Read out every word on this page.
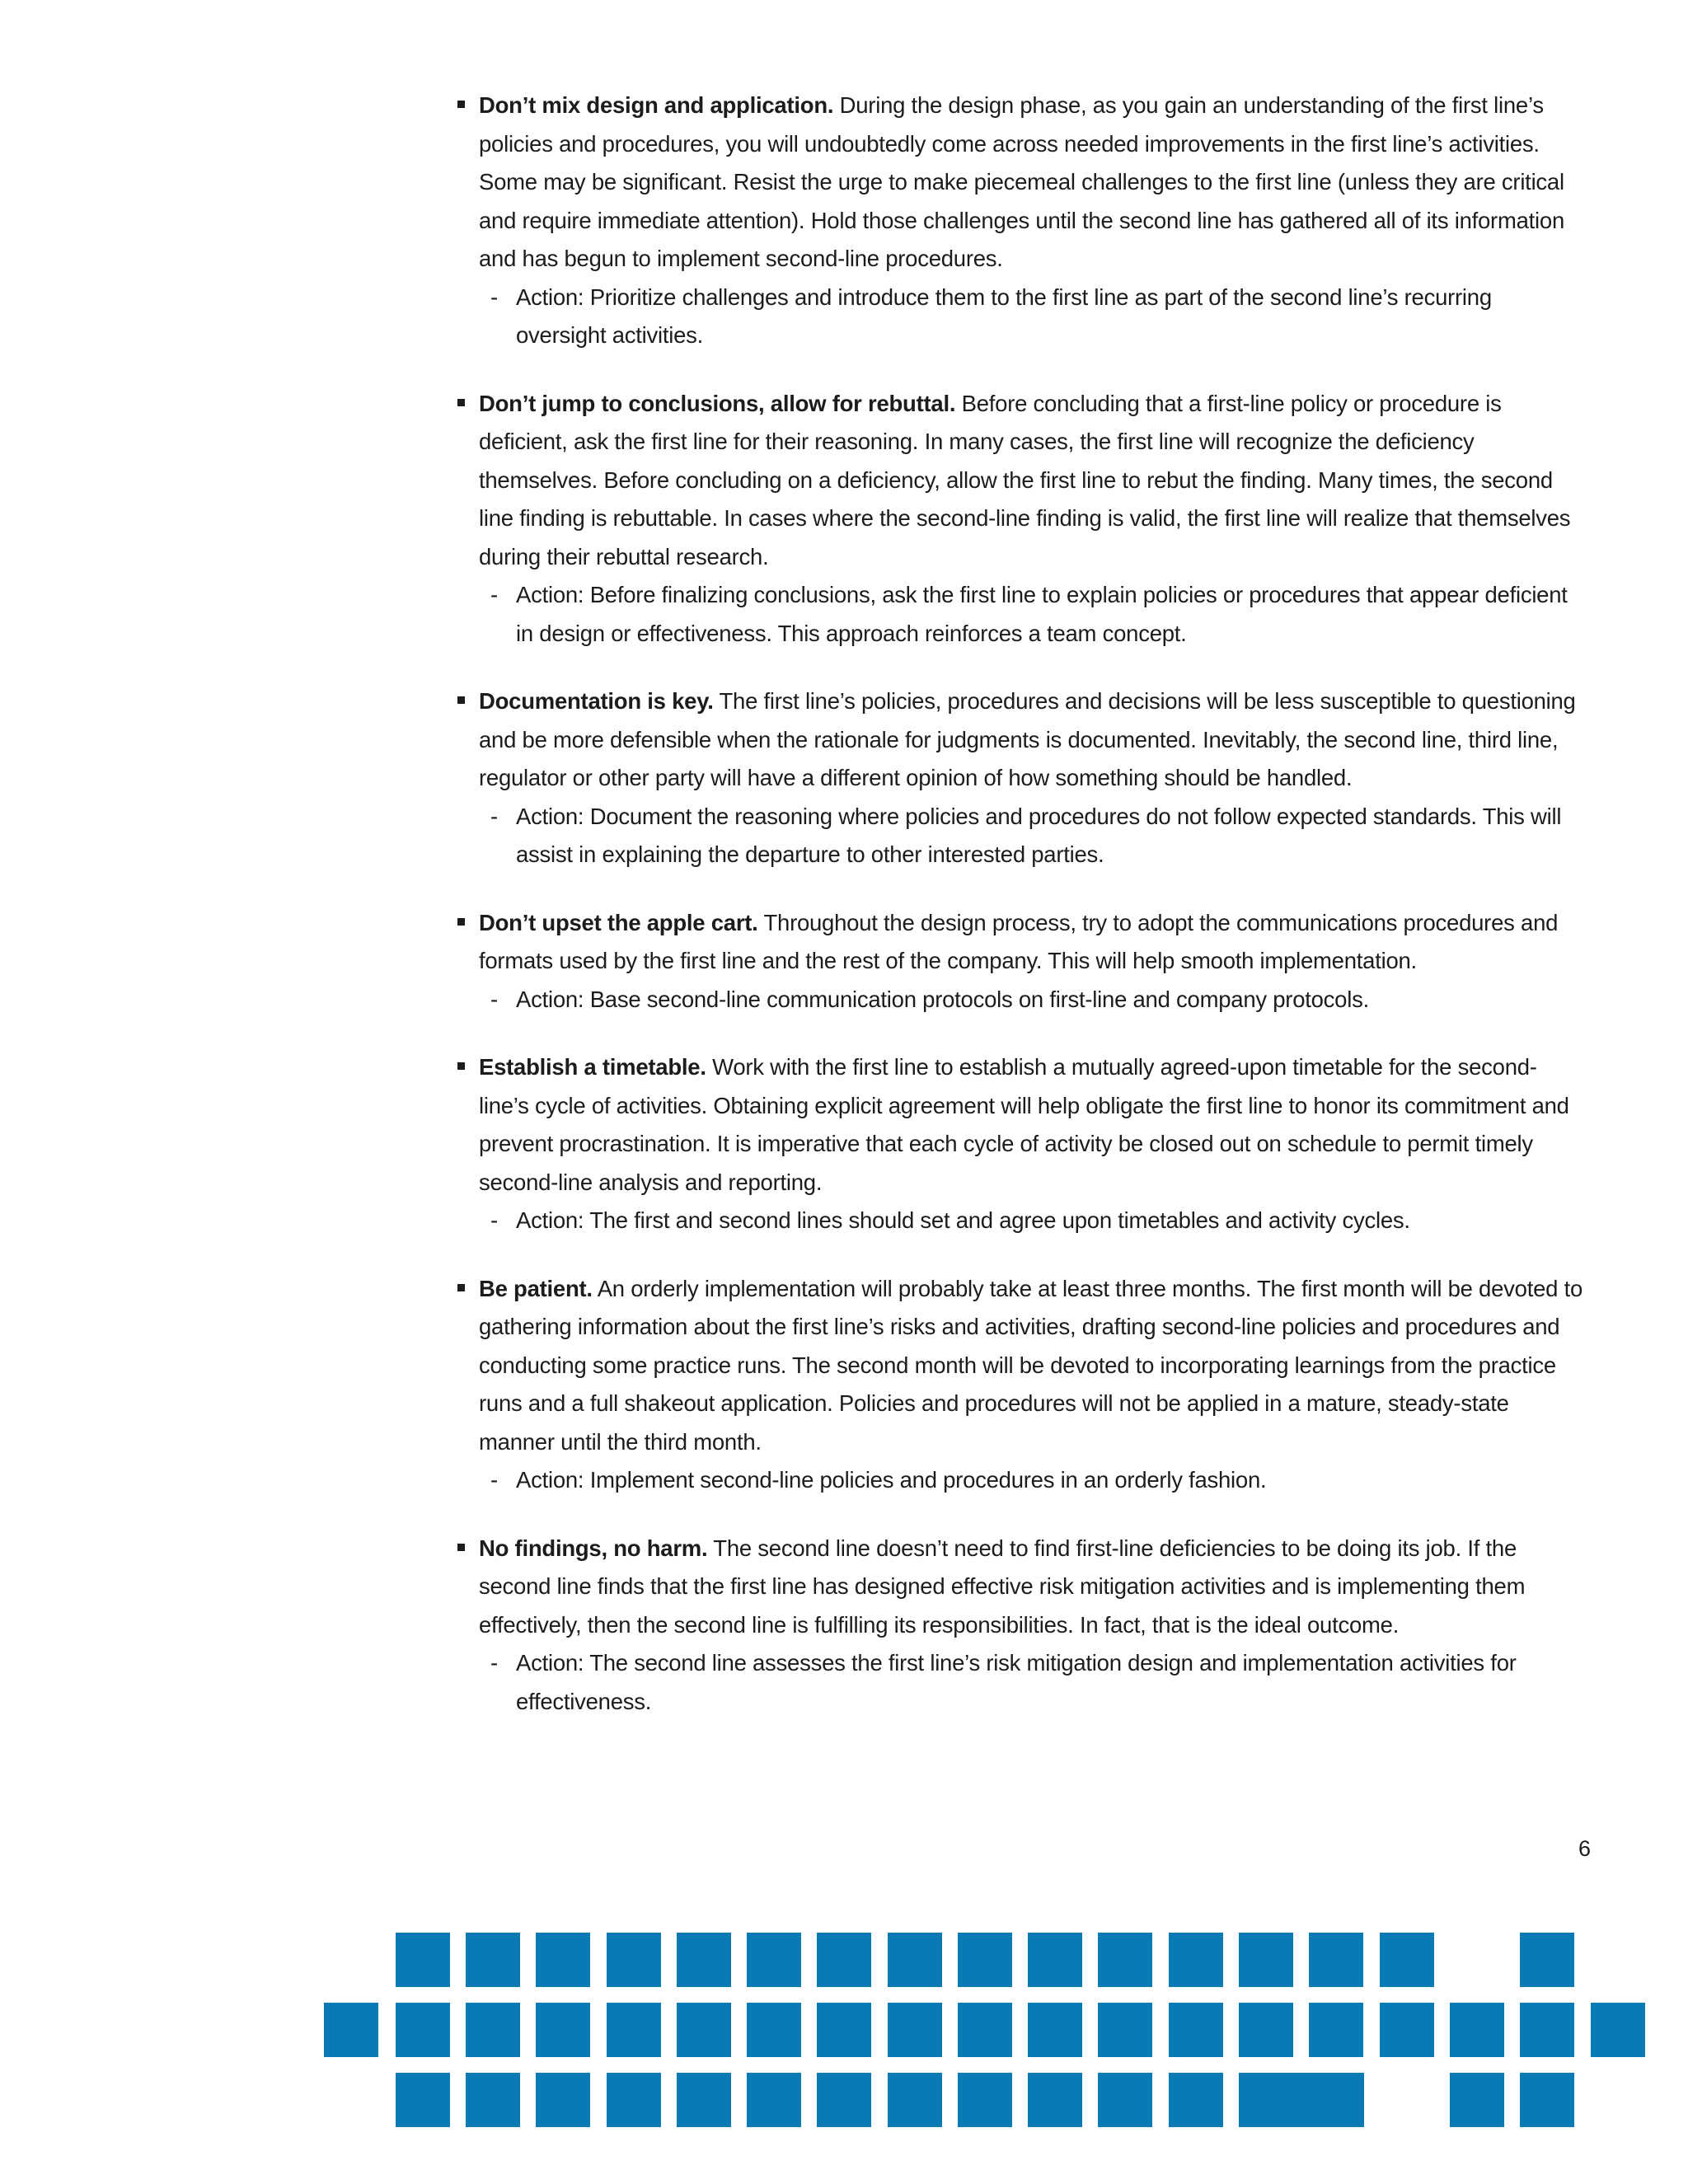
Don’t mix design and application. During the design phase, as you gain an understanding of the first line’s policies and procedures, you will undoubtedly come across needed improvements in the first line’s activities. Some may be significant. Resist the urge to make piecemeal challenges to the first line (unless they are critical and require immediate attention). Hold those challenges until the second line has gathered all of its information and has begun to implement second-line procedures.

- Action: Prioritize challenges and introduce them to the first line as part of the second line’s recurring oversight activities.

Don’t jump to conclusions, allow for rebuttal. Before concluding that a first-line policy or procedure is deficient, ask the first line for their reasoning. In many cases, the first line will recognize the deficiency themselves. Before concluding on a deficiency, allow the first line to rebut the finding. Many times, the second line finding is rebuttable. In cases where the second-line finding is valid, the first line will realize that themselves during their rebuttal research.

- Action: Before finalizing conclusions, ask the first line to explain policies or procedures that appear deficient in design or effectiveness. This approach reinforces a team concept.

Documentation is key. The first line’s policies, procedures and decisions will be less susceptible to questioning and be more defensible when the rationale for judgments is documented. Inevitably, the second line, third line, regulator or other party will have a different opinion of how something should be handled.

- Action: Document the reasoning where policies and procedures do not follow expected standards. This will assist in explaining the departure to other interested parties.

Don’t upset the apple cart. Throughout the design process, try to adopt the communications procedures and formats used by the first line and the rest of the company. This will help smooth implementation.

- Action: Base second-line communication protocols on first-line and company protocols.

Establish a timetable. Work with the first line to establish a mutually agreed-upon timetable for the second-line’s cycle of activities. Obtaining explicit agreement will help obligate the first line to honor its commitment and prevent procrastination. It is imperative that each cycle of activity be closed out on schedule to permit timely second-line analysis and reporting.

- Action: The first and second lines should set and agree upon timetables and activity cycles.

Be patient. An orderly implementation will probably take at least three months. The first month will be devoted to gathering information about the first line’s risks and activities, drafting second-line policies and procedures and conducting some practice runs. The second month will be devoted to incorporating learnings from the practice runs and a full shakeout application. Policies and procedures will not be applied in a mature, steady-state manner until the third month.

- Action: Implement second-line policies and procedures in an orderly fashion.

No findings, no harm. The second line doesn’t need to find first-line deficiencies to be doing its job. If the second line finds that the first line has designed effective risk mitigation activities and is implementing them effectively, then the second line is fulfilling its responsibilities. In fact, that is the ideal outcome.

- Action: The second line assesses the first line’s risk mitigation design and implementation activities for effectiveness.
6
